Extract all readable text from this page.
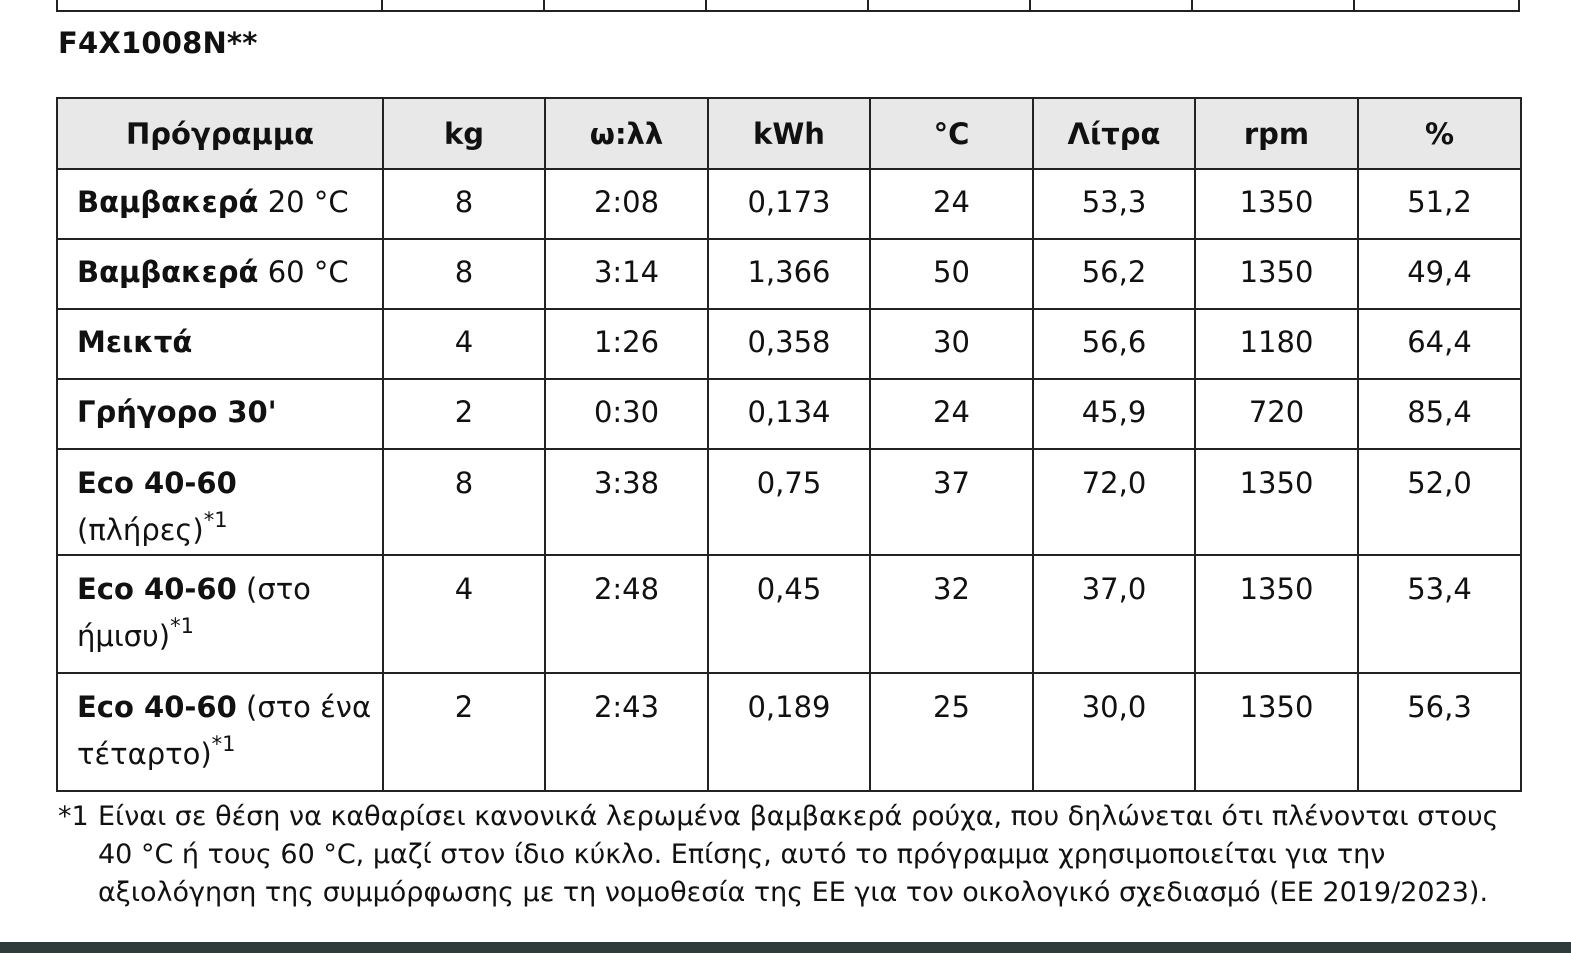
F4X1008N**
Πρόγραμμα	kg	ω:λλ	kWh	°C	Λίτρα	rpm	%
Βαμβακερά 20 °C	8	2:08	0,173	24	53,3	1350	51,2
Βαμβακερά 60 °C	8	3:14	1,366	50	56,2	1350	49,4
Μεικτά	4	1:26	0,358	30	56,6	1180	64,4
Γρήγορο 30'	2	0:30	0,134	24	45,9	720	85,4
Eco 40-60 (πλήρες)$^{*1}$	8	3:38	0,75	37	72,0	1350	52,0
Eco 40-60 (στο ήμισυ)$^{*1}$	4	2:48	0,45	32	37,0	1350	53,4
Eco 40-60 (στο ένα τέταρτο)$^{*1}$	2	2:43	0,189	25	30,0	1350	56,3
*1 Είναι σε θέση να καθαρίσει κανονικά λερωμένα βαμβακερά ρούχα, που δηλώνεται ότι πλένονται στους 40 °C ή τους 60 °C, μαζί στον ίδιο κύκλο. Επίσης, αυτό το πρόγραμμα χρησιμοποιείται για την αξιολόγηση της συμμόρφωσης με τη νομοθεσία της ΕΕ για τον οικολογικό σχεδιασμό (ΕΕ 2019/2023).
